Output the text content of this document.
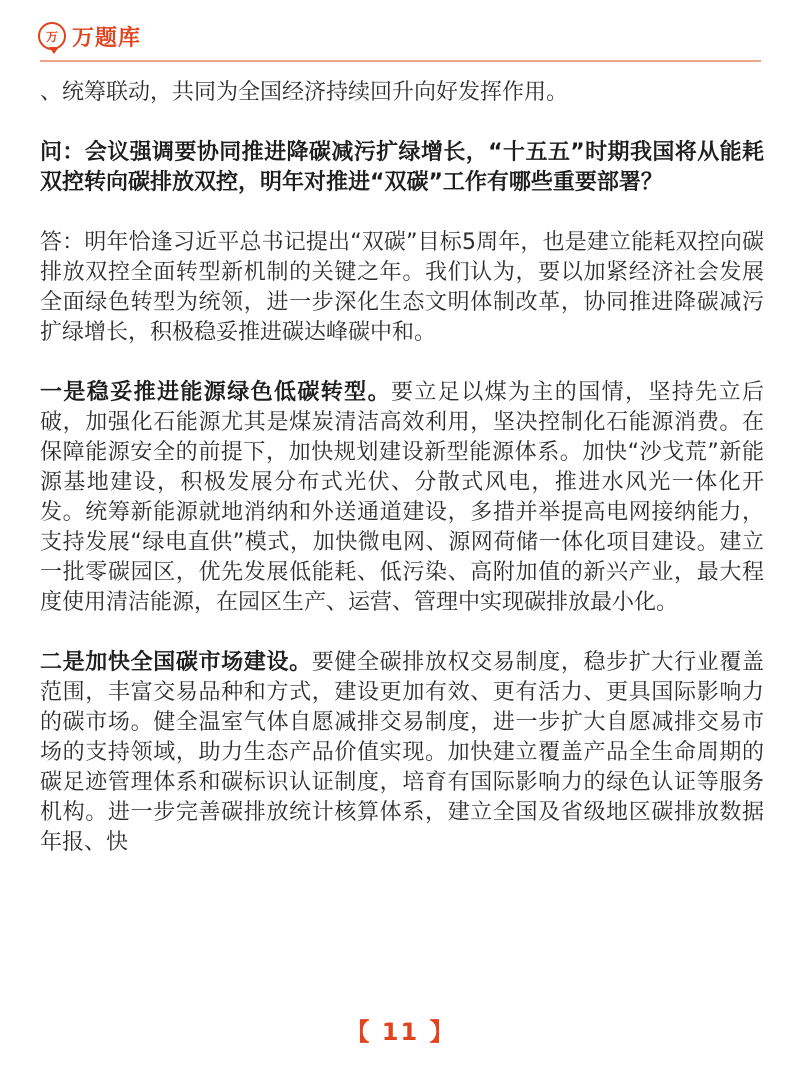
万 万题库

、统筹联动，共同为全国经济持续回升向好发挥作用。

问：会议强调要协同推进降碳减污扩绿增长，“十五五”时期我国将从能耗双控转向碳排放双控，明年对推进“双碳”工作有哪些重要部署？

答：明年恰逢习近平总书记提出“双碳”目标5周年，也是建立能耗双控向碳排放双控全面转型新机制的关键之年。我们认为，要以加紧经济社会发展全面绿色转型为统领，进一步深化生态文明体制改革，协同推进降碳减污扩绿增长，积极稳妥推进碳达峰碳中和。

一是稳妥推进能源绿色低碳转型。要立足以煤为主的国情，坚持先立后破，加强化石能源尤其是煤炭清洁高效利用，坚决控制化石能源消费。在保障能源安全的前提下，加快规划建设新型能源体系。加快“沙戈荒”新能源基地建设，积极发展分布式光伏、分散式风电，推进水风光一体化开发。统筹新能源就地消纳和外送通道建设，多措并举提高电网接纳能力，支持发展“绿电直供”模式，加快微电网、源网荷储一体化项目建设。建立一批零碳园区，优先发展低能耗、低污染、高附加值的新兴产业，最大程度使用清洁能源，在园区生产、运营、管理中实现碳排放最小化。

二是加快全国碳市场建设。要健全碳排放权交易制度，稳步扩大行业覆盖范围，丰富交易品种和方式，建设更加有效、更有活力、更具国际影响力的碳市场。健全温室气体自愿减排交易制度，进一步扩大自愿减排交易市场的支持领域，助力生态产品价值实现。加快建立覆盖产品全生命周期的碳足迹管理体系和碳标识认证制度，培育有国际影响力的绿色认证等服务机构。进一步完善碳排放统计核算体系，建立全国及省级地区碳排放数据年报、快

【 11 】
